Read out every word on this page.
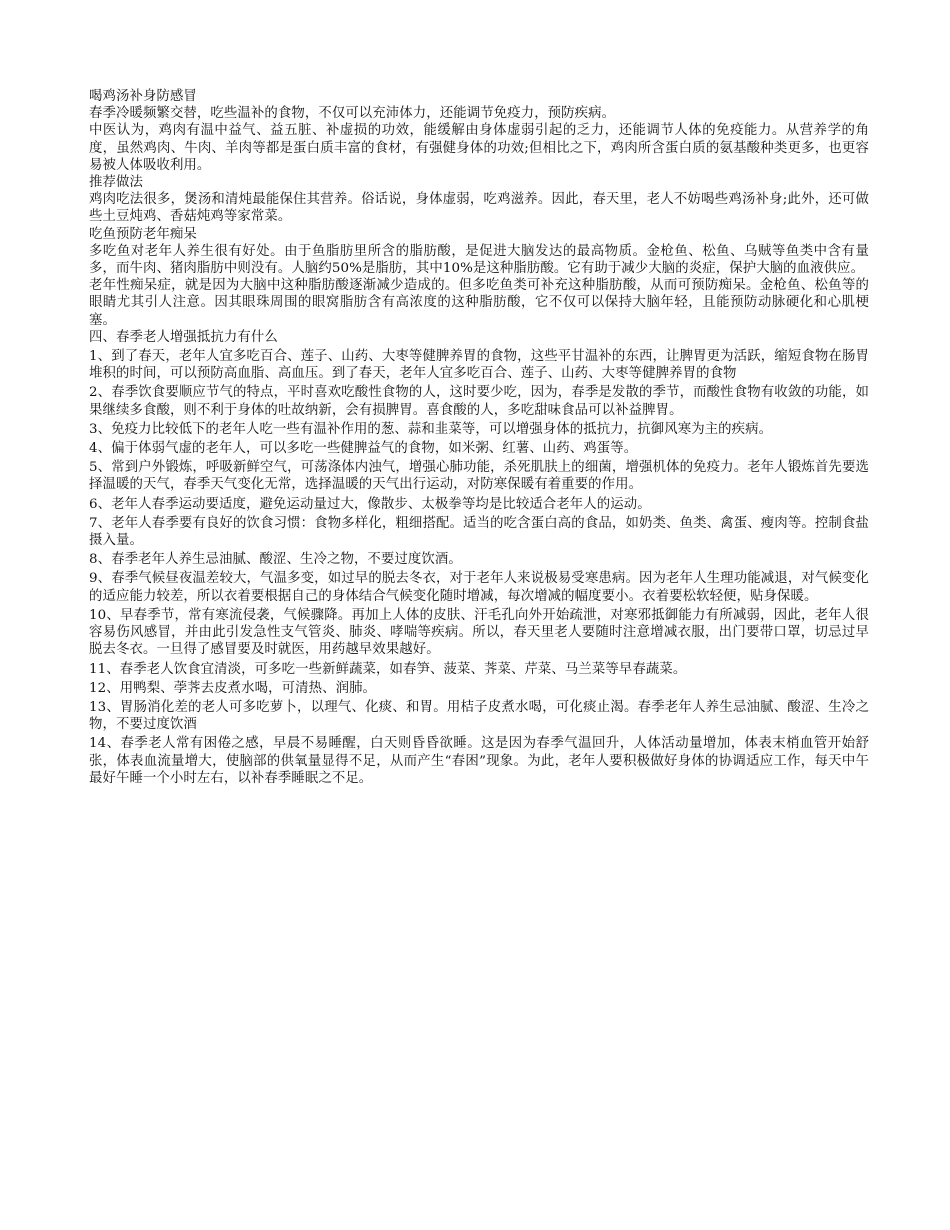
喝鸡汤补身防感冒

春季冷暖频繁交替，吃些温补的食物，不仅可以充沛体力，还能调节免疫力，预防疾病。

中医认为，鸡肉有温中益气、益五脏、补虚损的功效，能缓解由身体虚弱引起的乏力，还能调节人体的免疫能力。从营养学的角度，虽然鸡肉、牛肉、羊肉等都是蛋白质丰富的食材，有强健身体的功效;但相比之下，鸡肉所含蛋白质的氨基酸种类更多，也更容易被人体吸收利用。

推荐做法

鸡肉吃法很多，煲汤和清炖最能保住其营养。俗话说，身体虚弱，吃鸡滋养。因此，春天里，老人不妨喝些鸡汤补身;此外，还可做些土豆炖鸡、香菇炖鸡等家常菜。

吃鱼预防老年痴呆

多吃鱼对老年人养生很有好处。由于鱼脂肪里所含的脂肪酸，是促进大脑发达的最高物质。金枪鱼、松鱼、乌贼等鱼类中含有量多，而牛肉、猪肉脂肪中则没有。人脑约50%是脂肪，其中10%是这种脂肪酸。它有助于减少大脑的炎症，保护大脑的血液供应。

老年性痴呆症，就是因为大脑中这种脂肪酸逐渐减少造成的。但多吃鱼类可补充这种脂肪酸，从而可预防痴呆。金枪鱼、松鱼等的眼睛尤其引人注意。因其眼珠周围的眼窝脂肪含有高浓度的这种脂肪酸，它不仅可以保持大脑年轻，且能预防动脉硬化和心肌梗塞。

四、春季老人增强抵抗力有什么

1、到了春天，老年人宜多吃百合、莲子、山药、大枣等健脾养胃的食物，这些平甘温补的东西，让脾胃更为活跃，缩短食物在肠胃堆积的时间，可以预防高血脂、高血压。到了春天，老年人宜多吃百合、莲子、山药、大枣等健脾养胃的食物

2、春季饮食要顺应节气的特点，平时喜欢吃酸性食物的人，这时要少吃，因为，春季是发散的季节，而酸性食物有收敛的功能，如果继续多食酸，则不利于身体的吐故纳新，会有损脾胃。喜食酸的人，多吃甜味食品可以补益脾胃。

3、免疫力比较低下的老年人吃一些有温补作用的葱、蒜和韭菜等，可以增强身体的抵抗力，抗御风寒为主的疾病。

4、偏于体弱气虚的老年人，可以多吃一些健脾益气的食物，如米粥、红薯、山药、鸡蛋等。

5、常到户外锻炼，呼吸新鲜空气，可荡涤体内浊气，增强心肺功能，杀死肌肤上的细菌，增强机体的免疫力。老年人锻炼首先要选择温暖的天气，春季天气变化无常，选择温暖的天气出行运动，对防寒保暖有着重要的作用。

6、老年人春季运动要适度，避免运动量过大，像散步、太极拳等均是比较适合老年人的运动。

7、老年人春季要有良好的饮食习惯：食物多样化，粗细搭配。适当的吃含蛋白高的食品，如奶类、鱼类、禽蛋、瘦肉等。控制食盐摄入量。

8、春季老年人养生忌油腻、酸涩、生冷之物，不要过度饮酒。

9、春季气候昼夜温差较大，气温多变，如过早的脱去冬衣，对于老年人来说极易受寒患病。因为老年人生理功能减退，对气候变化的适应能力较差，所以衣着要根据自己的身体结合气候变化随时增减，每次增减的幅度要小。衣着要松软轻便，贴身保暖。

10、早春季节，常有寒流侵袭，气候骤降。再加上人体的皮肤、汗毛孔向外开始疏泄，对寒邪抵御能力有所减弱，因此，老年人很容易伤风感冒，并由此引发急性支气管炎、肺炎、哮喘等疾病。所以，春天里老人要随时注意增减衣服，出门要带口罩，切忌过早脱去冬衣。一旦得了感冒要及时就医，用药越早效果越好。

11、春季老人饮食宜清淡，可多吃一些新鲜蔬菜，如春笋、菠菜、荠菜、芹菜、马兰菜等早春蔬菜。

12、用鸭梨、荸荠去皮煮水喝，可清热、润肺。

13、胃肠消化差的老人可多吃萝卜，以理气、化痰、和胃。用桔子皮煮水喝，可化痰止渴。春季老年人养生忌油腻、酸涩、生冷之物，不要过度饮酒

14、春季老人常有困倦之感，早晨不易睡醒，白天则昏昏欲睡。这是因为春季气温回升，人体活动量增加，体表末梢血管开始舒张，体表血流量增大，使脑部的供氧量显得不足，从而产生“春困”现象。为此，老年人要积极做好身体的协调适应工作，每天中午最好午睡一个小时左右，以补春季睡眠之不足。
